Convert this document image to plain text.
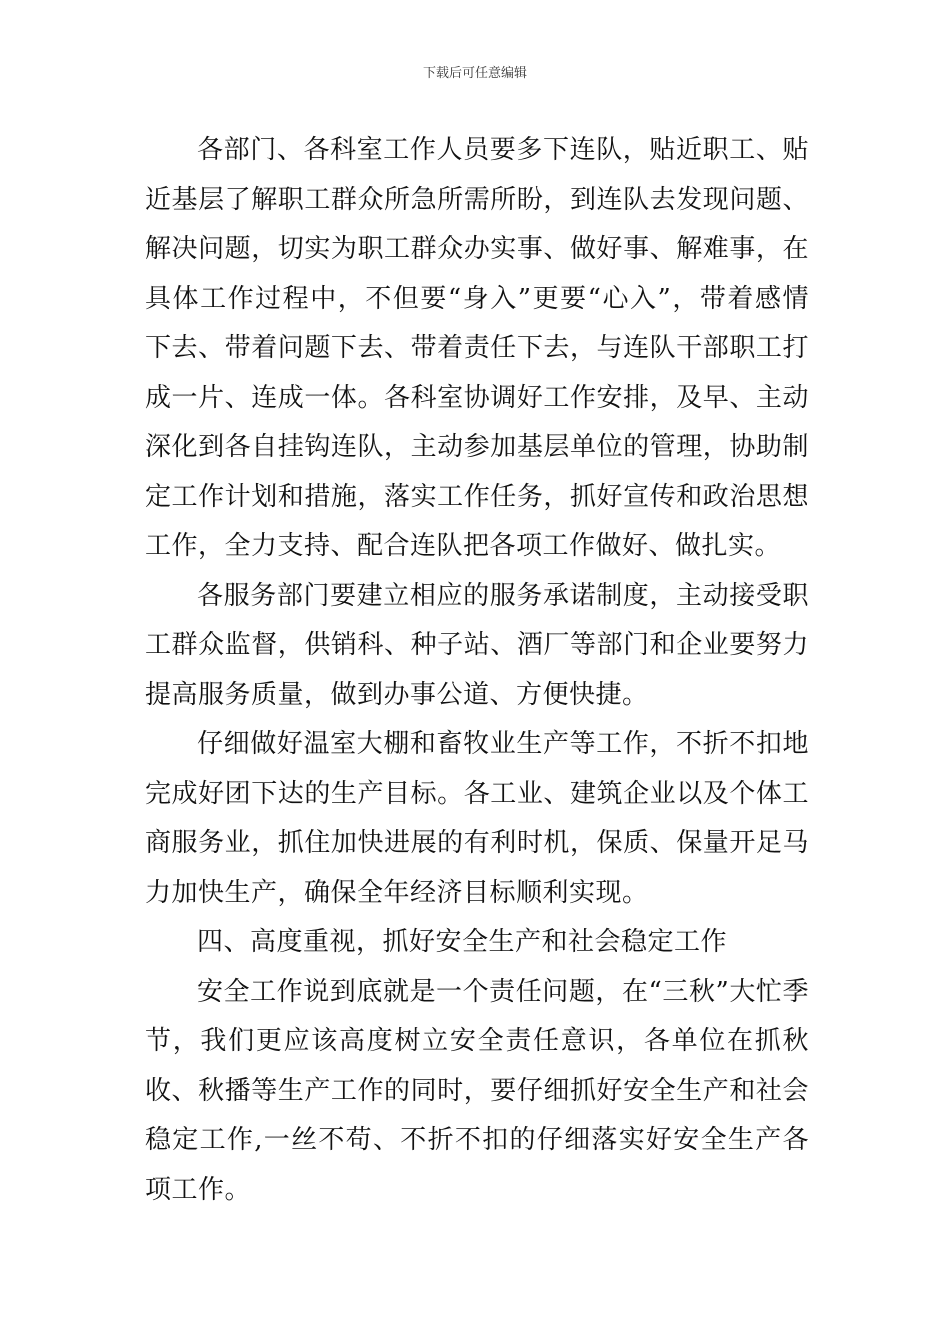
下载后可任意编辑

各部门、各科室工作人员要多下连队，贴近职工、贴近基层了解职工群众所急所需所盼，到连队去发现问题、解决问题，切实为职工群众办实事、做好事、解难事，在具体工作过程中，不但要“身入”更要“心入”，带着感情下去、带着问题下去、带着责任下去，与连队干部职工打成一片、连成一体。各科室协调好工作安排，及早、主动深化到各自挂钩连队，主动参加基层单位的管理，协助制定工作计划和措施，落实工作任务，抓好宣传和政治思想工作，全力支持、配合连队把各项工作做好、做扎实。

各服务部门要建立相应的服务承诺制度，主动接受职工群众监督，供销科、种子站、酒厂等部门和企业要努力提高服务质量，做到办事公道、方便快捷。

仔细做好温室大棚和畜牧业生产等工作，不折不扣地完成好团下达的生产目标。各工业、建筑企业以及个体工商服务业，抓住加快进展的有利时机，保质、保量开足马力加快生产，确保全年经济目标顺利实现。

四、高度重视，抓好安全生产和社会稳定工作

安全工作说到底就是一个责任问题，在“三秋”大忙季节，我们更应该高度树立安全责任意识，各单位在抓秋收、秋播等生产工作的同时，要仔细抓好安全生产和社会稳定工作,一丝不苟、不折不扣的仔细落实好安全生产各项工作。
